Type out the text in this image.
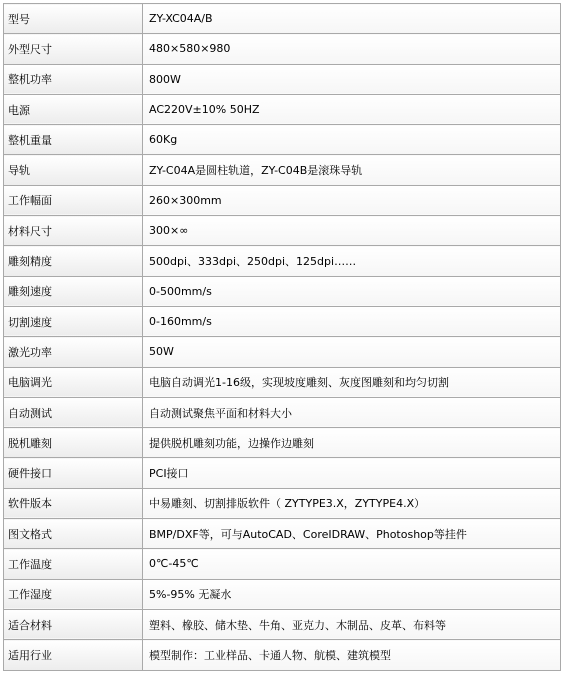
型号	ZY-XC04A/B
外型尺寸	480×580×980
整机功率	800W
电源	AC220V±10% 50HZ
整机重量	60Kg
导轨	ZY-C04A是圆柱轨道，ZY-C04B是滚珠导轨
工作幅面	260×300mm
材料尺寸	300×∞
雕刻精度	500dpi、333dpi、250dpi、125dpi……
雕刻速度	0-500mm/s
切割速度	0-160mm/s
激光功率	50W
电脑调光	电脑自动调光1-16级，实现坡度雕刻、灰度图雕刻和均匀切割
自动测试	自动测试聚焦平面和材料大小
脱机雕刻	提供脱机雕刻功能，边操作边雕刻
硬件接口	PCI接口
软件版本	中易雕刻、切割排版软件（ ZYTYPE3.X，ZYTYPE4.X）
图文格式	BMP/DXF等，可与AutoCAD、CoreIDRAW、Photoshop等挂件
工作温度	0℃-45℃
工作湿度	5%-95% 无凝水
适合材料	塑料、橡胶、储木垫、牛角、亚克力、木制品、皮革、布料等
适用行业	模型制作：工业样品、卡通人物、航模、建筑模型
